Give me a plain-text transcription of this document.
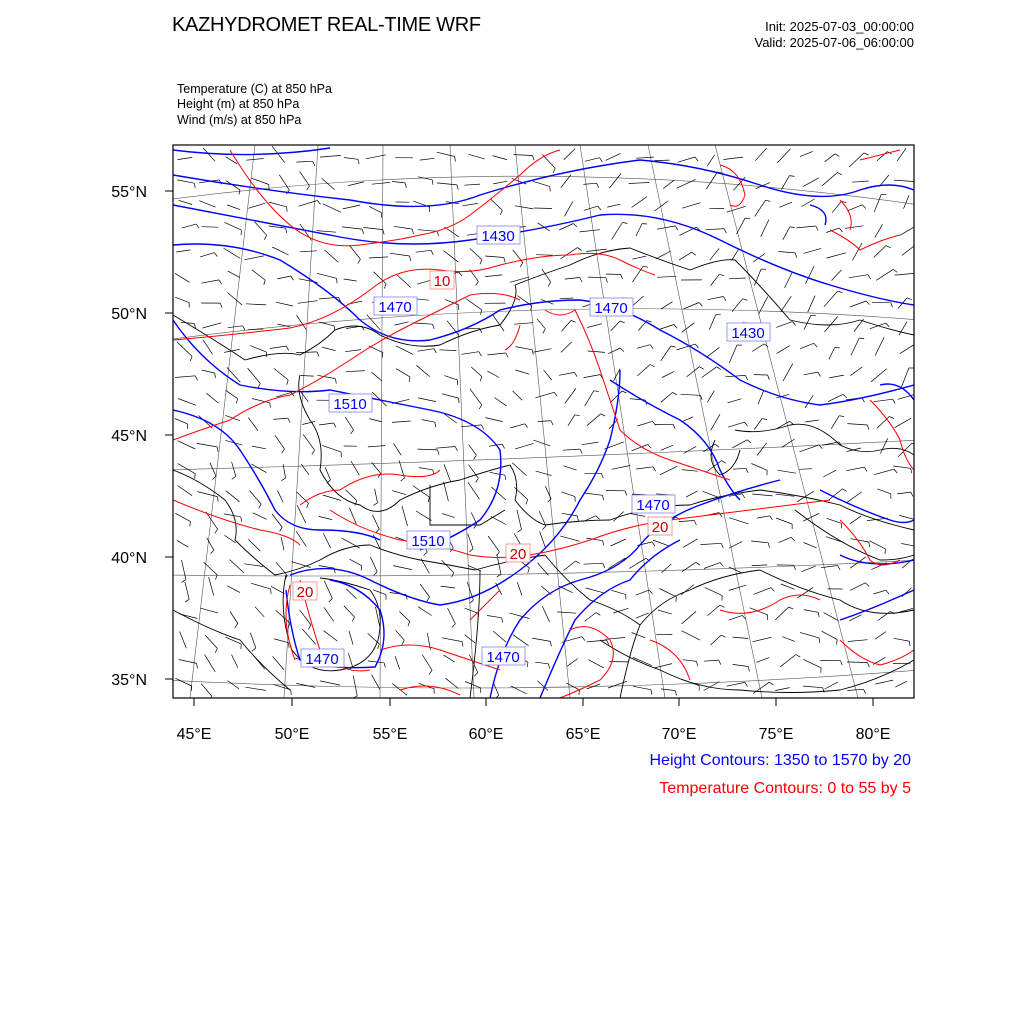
KAZHYDROMET REAL-TIME WRF	Init: 2025-07-03_00:00:00
Valid: 2025-07-06_06:00:00
Temperature (C) at 850 hPa
Height (m) at 850 hPa
Wind (m/s) at 850 hPa
1430
1470	1470
1430
1510
1470
1510
1470	1470
10
20
20
20
55°N
50°N
45°N
40°N
35°N
45°E	50°E	55°E	60°E	65°E	70°E	75°E	80°E
Height Contours: 1350 to 1570 by 20
Temperature Contours: 0 to 55 by 5
